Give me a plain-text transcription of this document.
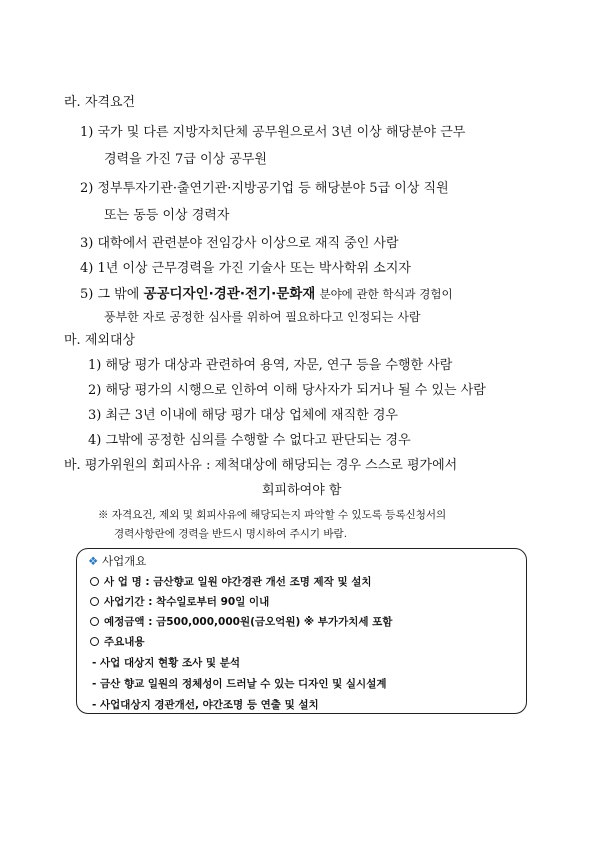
라. 자격요건
1) 국가 및 다른 지방자치단체 공무원으로서 3년 이상 해당분야 근무
경력을 가진 7급 이상 공무원
2) 정부투자기관·출연기관·지방공기업 등 해당분야 5급 이상 직원
또는 동등 이상 경력자
3) 대학에서 관련분야 전임강사 이상으로 재직 중인 사람
4) 1년 이상 근무경력을 가진 기술사 또는 박사학위 소지자
5) 그 밖에 공공디자인·경관·전기·문화재 분야에 관한 학식과 경험이
풍부한 자로 공정한 심사를 위하여 필요하다고 인정되는 사람
마. 제외대상
1) 해당 평가 대상과 관련하여 용역, 자문, 연구 등을 수행한 사람
2) 해당 평가의 시행으로 인하여 이해 당사자가 되거나 될 수 있는 사람
3) 최근 3년 이내에 해당 평가 대상 업체에 재직한 경우
4) 그밖에 공정한 심의를 수행할 수 없다고 판단되는 경우
바. 평가위원의 회피사유 : 제척대상에 해당되는 경우 스스로 평가에서
회피하여야 함
※ 자격요건, 제외 및 회피사유에 해당되는지 파악할 수 있도록 등록신청서의
경력사항란에 경력을 반드시 명시하여 주시기 바람.
❖ 사업개요
사 업 명 : 금산향교 일원 야간경관 개선 조명 제작 및 설치
사업기간 : 착수일로부터 90일 이내
예정금액 : 금500,000,000원(금오억원) ※ 부가가치세 포함
주요내용
- 사업 대상지 현황 조사 및 분석
- 금산 향교 일원의 정체성이 드러날 수 있는 디자인 및 실시설계
- 사업대상지 경관개선, 야간조명 등 연출 및 설치
